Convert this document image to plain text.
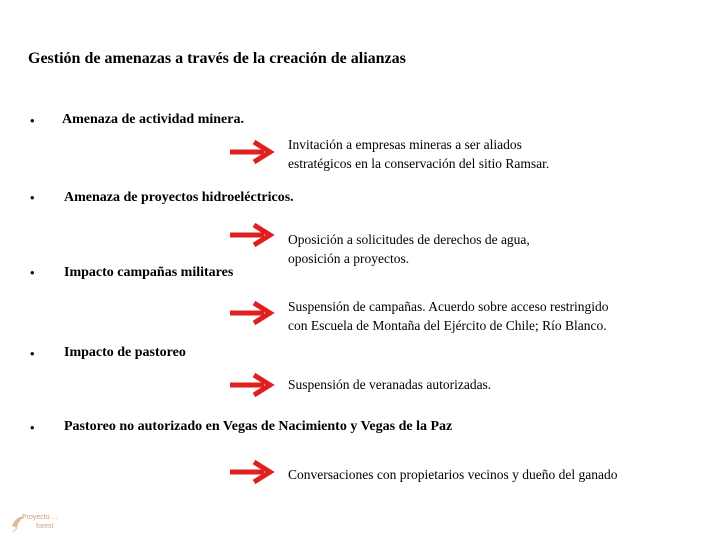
Gestión de amenazas a través de la creación de alianzas
• Amenaza de actividad minera.
Invitación a empresas mineras a ser aliados
estratégicos en la conservación del sitio Ramsar.
• Amenaza de proyectos hidroeléctricos.
Oposición a solicitudes de derechos de agua,
oposición a proyectos.
• Impacto campañas militares
Suspensión de campañas. Acuerdo sobre acceso restringido
con Escuela de Montaña del Ejército de Chile; Río Blanco.
• Impacto de pastoreo
Suspensión de veranadas autorizadas.
• Pastoreo no autorizado en Vegas de Nacimiento y Vegas de la Paz
Conversaciones con propietarios vecinos y dueño del ganado
Proyecto ...
forest
